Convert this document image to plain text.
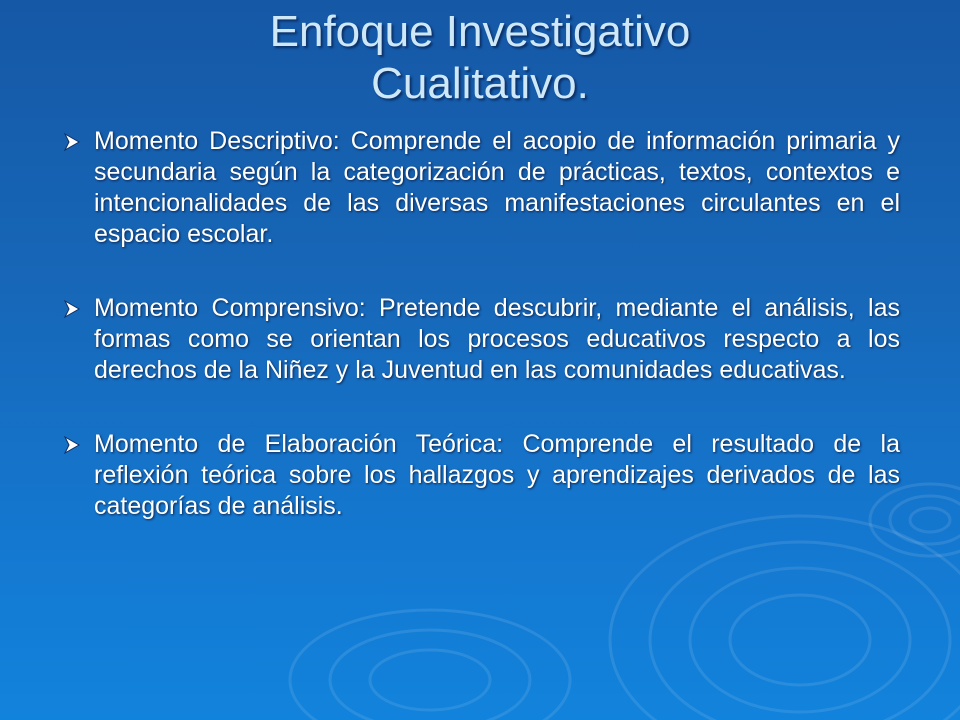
Enfoque Investigativo
Cualitativo.
Momento Descriptivo: Comprende el acopio de información primaria y secundaria según la categorización de prácticas, textos, contextos e intencionalidades de las diversas manifestaciones circulantes en el espacio escolar.
Momento Comprensivo: Pretende descubrir, mediante el análisis, las formas como se orientan los procesos educativos respecto a los derechos de la Niñez y la Juventud en las comunidades educativas.
Momento de Elaboración Teórica: Comprende el resultado de la reflexión teórica sobre los hallazgos y aprendizajes derivados de las categorías de análisis.
